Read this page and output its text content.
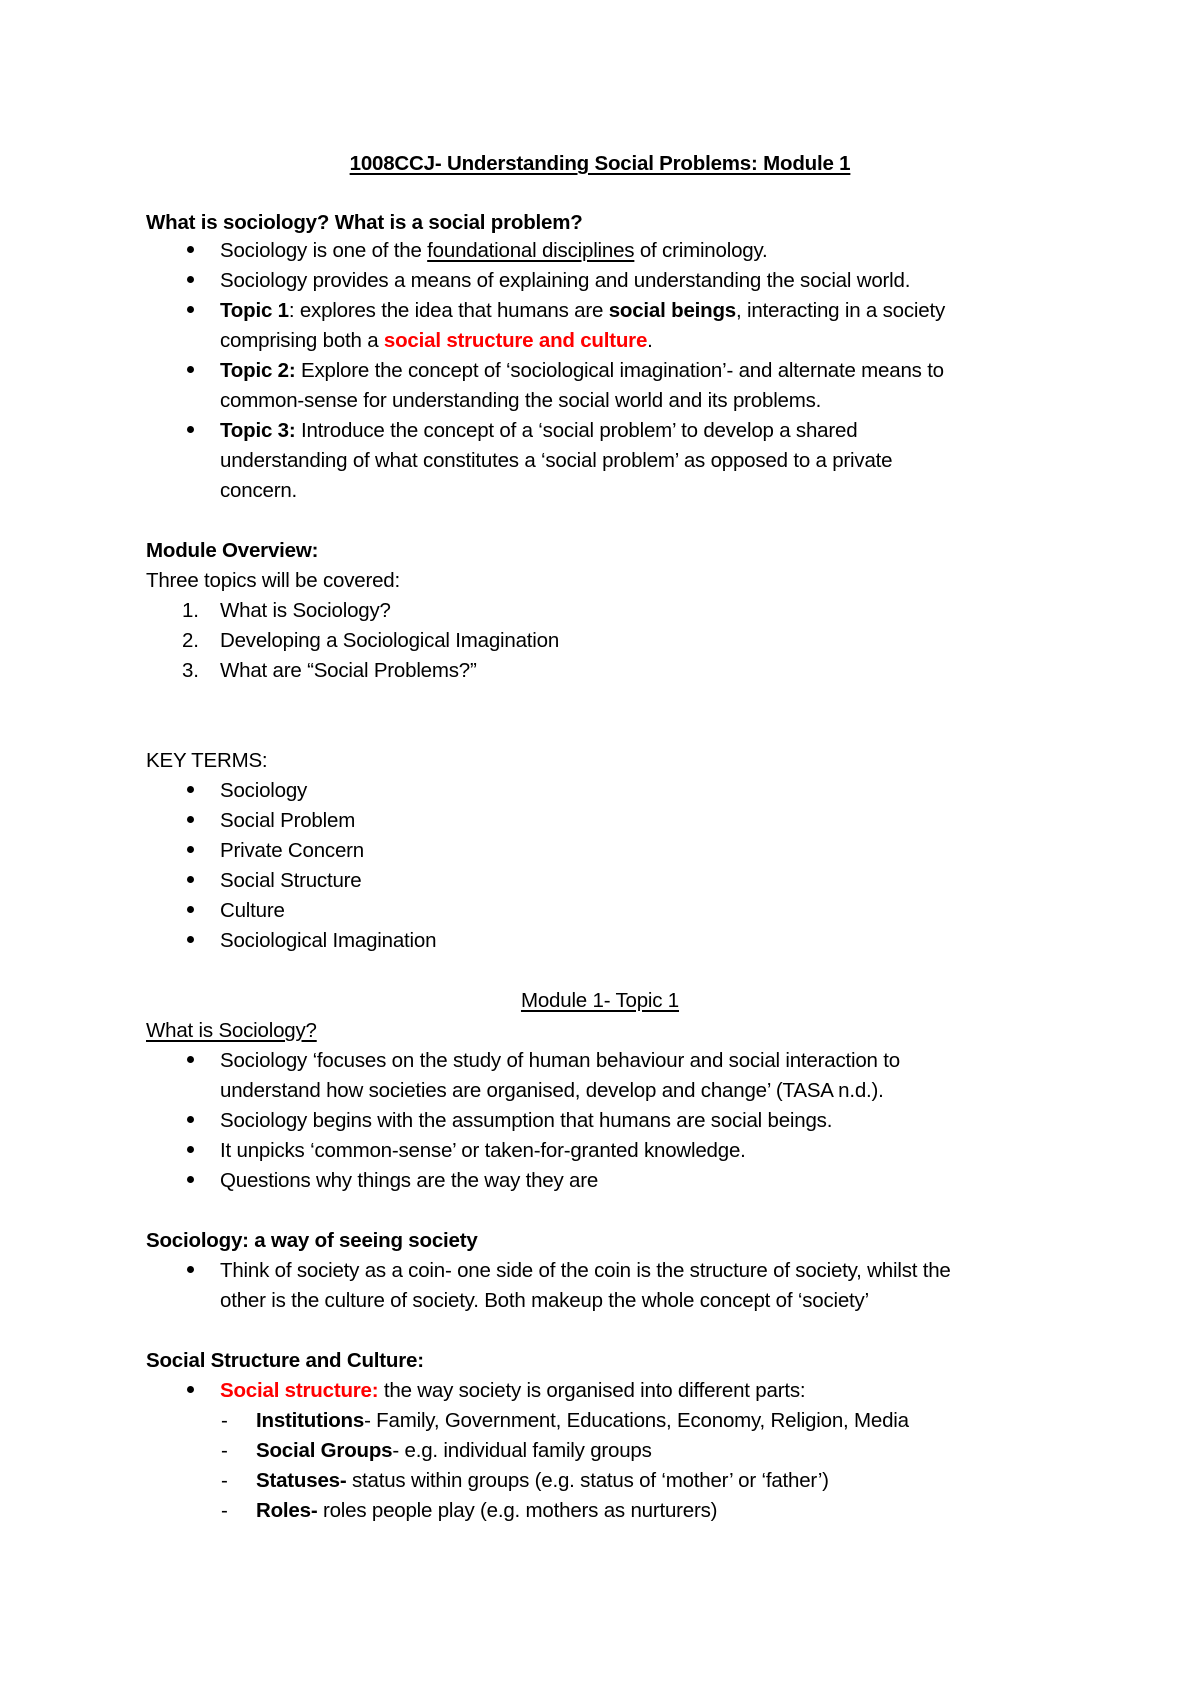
1008CCJ- Understanding Social Problems: Module 1
What is sociology? What is a social problem?
Sociology is one of the foundational disciplines of criminology.
Sociology provides a means of explaining and understanding the social world.
Topic 1: explores the idea that humans are social beings, interacting in a society
comprising both a social structure and culture.
Topic 2: Explore the concept of ‘sociological imagination’- and alternate means to
common-sense for understanding the social world and its problems.
Topic 3: Introduce the concept of a ‘social problem’ to develop a shared
understanding of what constitutes a ‘social problem’ as opposed to a private
concern.
Module Overview:
Three topics will be covered:
1. What is Sociology?
2. Developing a Sociological Imagination
3. What are “Social Problems?”
KEY TERMS:
Sociology
Social Problem
Private Concern
Social Structure
Culture
Sociological Imagination
Module 1- Topic 1
What is Sociology?
Sociology ‘focuses on the study of human behaviour and social interaction to
understand how societies are organised, develop and change’ (TASA n.d.).
Sociology begins with the assumption that humans are social beings.
It unpicks ‘common-sense’ or taken-for-granted knowledge.
Questions why things are the way they are
Sociology: a way of seeing society
Think of society as a coin- one side of the coin is the structure of society, whilst the
other is the culture of society. Both makeup the whole concept of ‘society’
Social Structure and Culture:
Social structure: the way society is organised into different parts:
- Institutions- Family, Government, Educations, Economy, Religion, Media
- Social Groups- e.g. individual family groups
- Statuses- status within groups (e.g. status of ‘mother’ or ‘father’)
- Roles- roles people play (e.g. mothers as nurturers)
